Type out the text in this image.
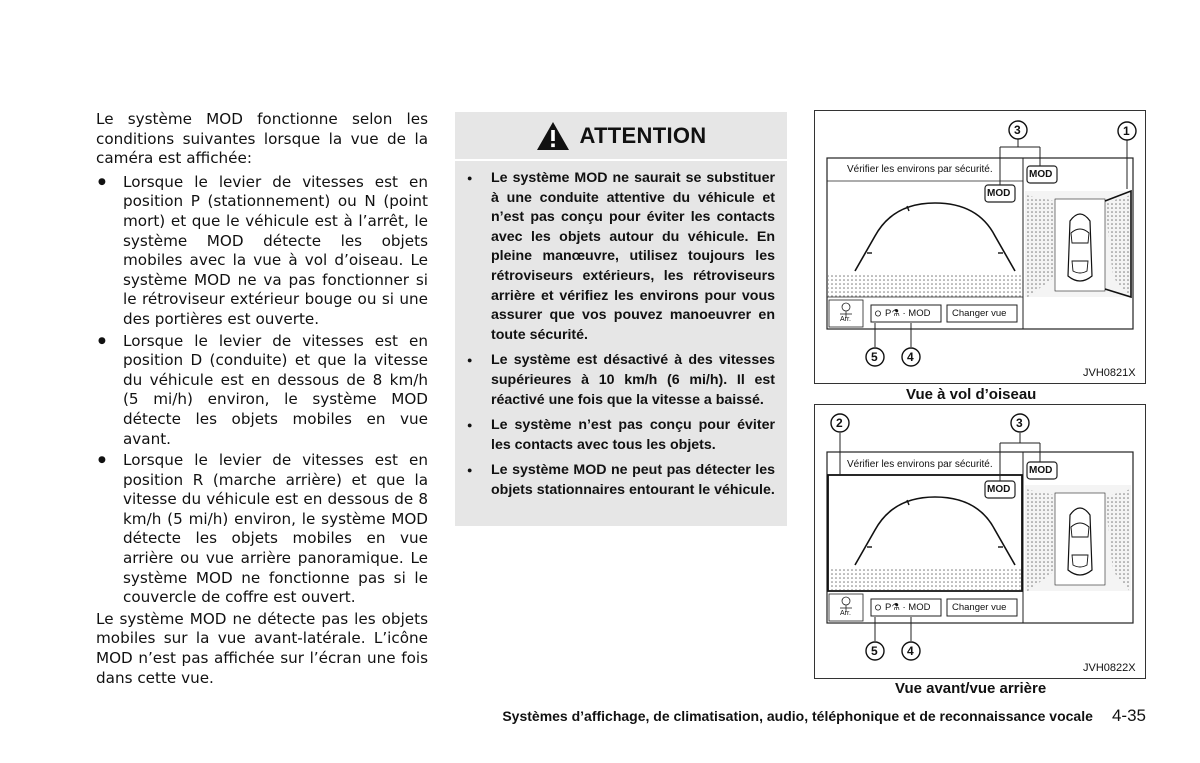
Le système MOD fonctionne selon les conditions suivantes lorsque la vue de la caméra est affichée:

● Lorsque le levier de vitesses est en position P (stationnement) ou N (point mort) et que le véhicule est à l’arrêt, le système MOD détecte les objets mobiles avec la vue à vol d’oiseau. Le système MOD ne va pas fonctionner si le rétroviseur extérieur bouge ou si une des portières est ouverte.
● Lorsque le levier de vitesses est en position D (conduite) et que la vitesse du véhicule est en dessous de 8 km/h (5 mi/h) environ, le système MOD détecte les objets mobiles en vue avant.
● Lorsque le levier de vitesses est en position R (marche arrière) et que la vitesse du véhicule est en dessous de 8 km/h (5 mi/h) environ, le système MOD détecte les objets mobiles en vue arrière ou vue arrière panoramique. Le système MOD ne fonctionne pas si le couvercle de coffre est ouvert.

Le système MOD ne détecte pas les objets mobiles sur la vue avant-latérale. L’icône MOD n’est pas affichée sur l’écran une fois dans cette vue.

ATTENTION
● Le système MOD ne saurait se substituer à une conduite attentive du véhicule et n’est pas conçu pour éviter les contacts avec les objets autour du véhicule. En pleine manœuvre, utilisez toujours les rétroviseurs extérieurs, les rétroviseurs arrière et vérifiez les environs pour vous assurer que vos pouvez manoeuvrer en toute sécurité.
● Le système est désactivé à des vitesses supérieures à 10 km/h (6 mi/h). Il est réactivé une fois que la vitesse a baissé.
● Le système n’est pas conçu pour éviter les contacts avec tous les objets.
● Le système MOD ne peut pas détecter les objets stationnaires entourant le véhicule.
Vérifier les environs par sécurité.
MOD
MOD
Arr.
P⚗ · MOD Changer vue
3	1
5 4
JVH0821X
Vue à vol d’oiseau
Vérifier les environs par sécurité.
MOD
MOD
Arr.
P⚗ · MOD Changer vue
2	3
5 4
JVH0822X
Vue avant/vue arrière
Systèmes d’affichage, de climatisation, audio, téléphonique et de reconnaissance vocale 4-35
